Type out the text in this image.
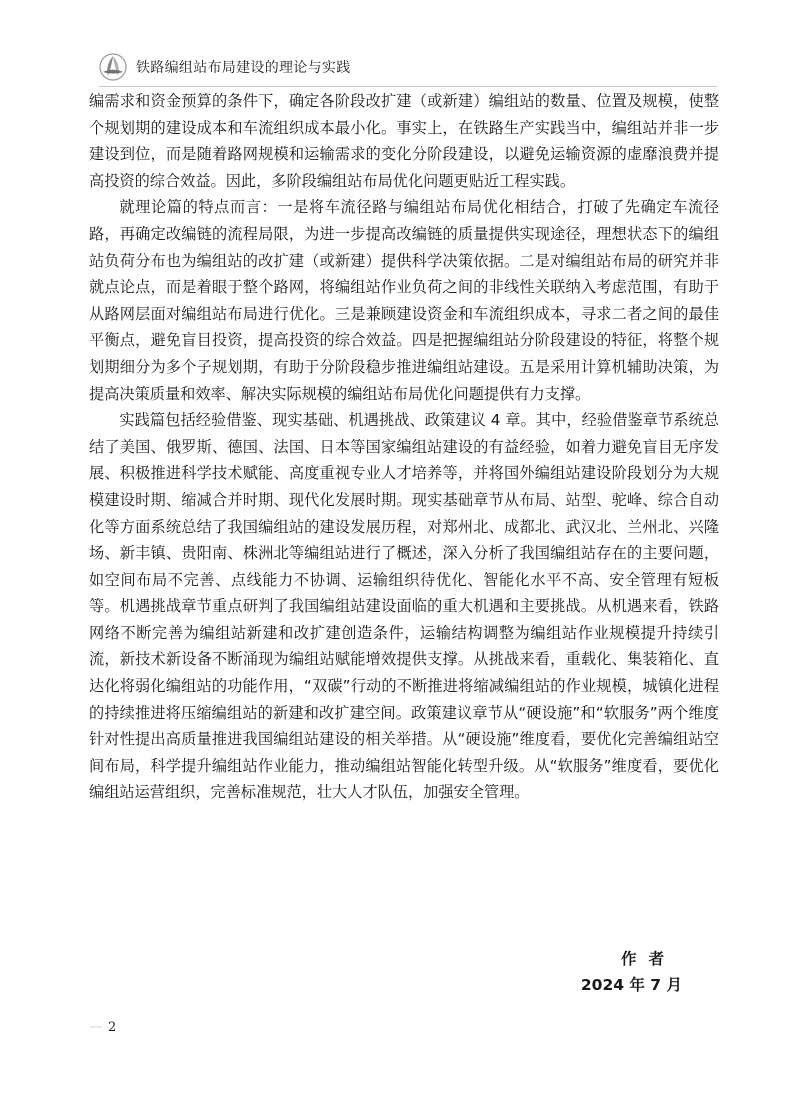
铁路编组站布局建设的理论与实践

编需求和资金预算的条件下，确定各阶段改扩建（或新建）编组站的数量、位置及规模，使整个规划期的建设成本和车流组织成本最小化。事实上，在铁路生产实践当中，编组站并非一步建设到位，而是随着路网规模和运输需求的变化分阶段建设，以避免运输资源的虚靡浪费并提高投资的综合效益。因此，多阶段编组站布局优化问题更贴近工程实践。

就理论篇的特点而言：一是将车流径路与编组站布局优化相结合，打破了先确定车流径路，再确定改编链的流程局限，为进一步提高改编链的质量提供实现途径，理想状态下的编组站负荷分布也为编组站的改扩建（或新建）提供科学决策依据。二是对编组站布局的研究并非就点论点，而是着眼于整个路网，将编组站作业负荷之间的非线性关联纳入考虑范围，有助于从路网层面对编组站布局进行优化。三是兼顾建设资金和车流组织成本，寻求二者之间的最佳平衡点，避免盲目投资，提高投资的综合效益。四是把握编组站分阶段建设的特征，将整个规划期细分为多个子规划期，有助于分阶段稳步推进编组站建设。五是采用计算机辅助决策，为提高决策质量和效率、解决实际规模的编组站布局优化问题提供有力支撑。

实践篇包括经验借鉴、现实基础、机遇挑战、政策建议 4 章。其中，经验借鉴章节系统总结了美国、俄罗斯、德国、法国、日本等国家编组站建设的有益经验，如着力避免盲目无序发展、积极推进科学技术赋能、高度重视专业人才培养等，并将国外编组站建设阶段划分为大规模建设时期、缩减合并时期、现代化发展时期。现实基础章节从布局、站型、驼峰、综合自动化等方面系统总结了我国编组站的建设发展历程，对郑州北、成都北、武汉北、兰州北、兴隆场、新丰镇、贵阳南、株洲北等编组站进行了概述，深入分析了我国编组站存在的主要问题，如空间布局不完善、点线能力不协调、运输组织待优化、智能化水平不高、安全管理有短板等。机遇挑战章节重点研判了我国编组站建设面临的重大机遇和主要挑战。从机遇来看，铁路网络不断完善为编组站新建和改扩建创造条件，运输结构调整为编组站作业规模提升持续引流，新技术新设备不断涌现为编组站赋能增效提供支撑。从挑战来看，重载化、集装箱化、直达化将弱化编组站的功能作用，“双碳”行动的不断推进将缩减编组站的作业规模，城镇化进程的持续推进将压缩编组站的新建和改扩建空间。政策建议章节从“硬设施”和“软服务”两个维度针对性提出高质量推进我国编组站建设的相关举措。从“硬设施”维度看，要优化完善编组站空间布局，科学提升编组站作业能力，推动编组站智能化转型升级。从“软服务”维度看，要优化编组站运营组织，完善标准规范，壮大人才队伍，加强安全管理。

作者
2024 年 7 月
2
